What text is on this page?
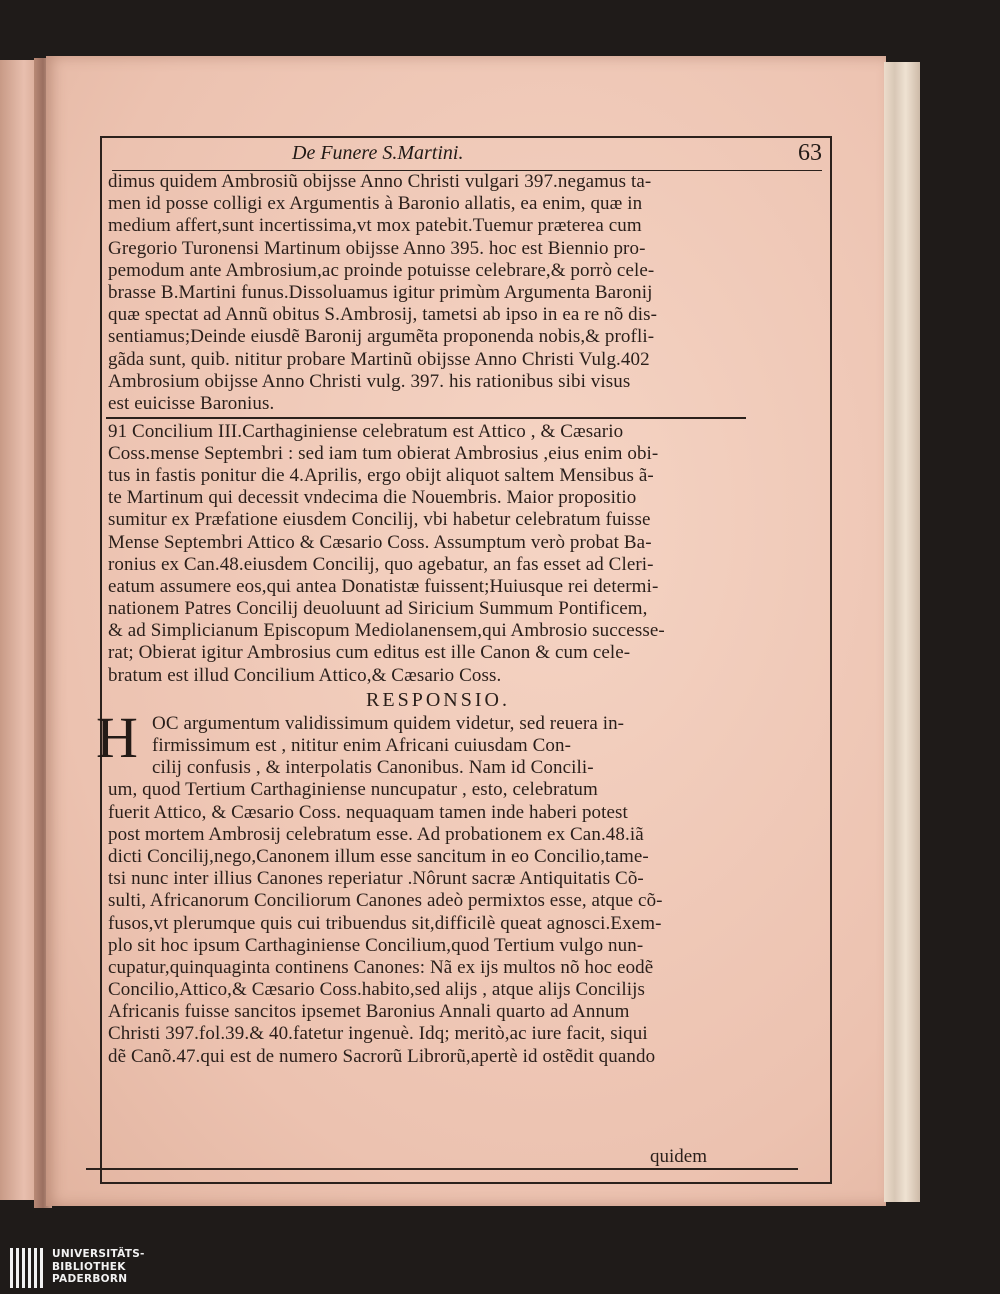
De Funere S.Martini.	63
dimus quidem Ambrosiũ obijsse Anno Christi vulgari 397.negamus ta-
men id posse colligi ex Argumentis à Baronio allatis, ea enim, quæ in
medium affert,sunt incertissima,vt mox patebit.Tuemur præterea cum
Gregorio Turonensi Martinum obijsse Anno 395. hoc est Biennio pro-
pemodum ante Ambrosium,ac proinde potuisse celebrare,& porrò cele-
brasse B.Martini funus.Dissoluamus igitur primùm Argumenta Baronij
quæ spectat ad Annũ obitus S.Ambrosij, tametsi ab ipso in ea re nõ dis-
sentiamus;Deinde eiusdẽ Baronij argumẽta proponenda nobis,& profli-
gãda sunt, quib. nititur probare Martinũ obijsse Anno Christi Vulg.402
Ambrosium obijsse Anno Christi vulg. 397. his rationibus sibi visus
est euicisse Baronius.
91 Concilium III.Carthaginiense celebratum est Attico , & Cæsario
Coss.mense Septembri : sed iam tum obierat Ambrosius ,eius enim obi-
tus in fastis ponitur die 4.Aprilis, ergo obijt aliquot saltem Mensibus ã-
te Martinum qui decessit vndecima die Nouembris. Maior propositio
sumitur ex Præfatione eiusdem Concilij, vbi habetur celebratum fuisse
Mense Septembri Attico & Cæsario Coss. Assumptum verò probat Ba-
ronius ex Can.48.eiusdem Concilij, quo agebatur, an fas esset ad Cleri-
eatum assumere eos,qui antea Donatistæ fuissent;Huiusque rei determi-
nationem Patres Concilij deuoluunt ad Siricium Summum Pontificem,
& ad Simplicianum Episcopum Mediolanensem,qui Ambrosio successe-
rat; Obierat igitur Ambrosius cum editus est ille Canon & cum cele-
bratum est illud Concilium Attico,& Cæsario Coss.
RESPONSIO.
H OC argumentum validissimum quidem videtur, sed reuera in-
firmissimum est , nititur enim Africani cuiusdam Con-
cilij confusis , & interpolatis Canonibus. Nam id Concili-
um, quod Tertium Carthaginiense nuncupatur , esto, celebratum
fuerit Attico, & Cæsario Coss. nequaquam tamen inde haberi potest
post mortem Ambrosij celebratum esse. Ad probationem ex Can.48.iã
dicti Concilij,nego,Canonem illum esse sancitum in eo Concilio,tame-
tsi nunc inter illius Canones reperiatur .Nôrunt sacræ Antiquitatis Cõ-
sulti, Africanorum Conciliorum Canones adeò permixtos esse, atque cõ-
fusos,vt plerumque quis cui tribuendus sit,difficilè queat agnosci.Exem-
plo sit hoc ipsum Carthaginiense Concilium,quod Tertium vulgo nun-
cupatur,quinquaginta continens Canones: Nã ex ijs multos nõ hoc eodẽ
Concilio,Attico,& Cæsario Coss.habito,sed alijs , atque alijs Concilijs
Africanis fuisse sancitos ipsemet Baronius Annali quarto ad Annum
Christi 397.fol.39.& 40.fatetur ingenuè. Idq; meritò,ac iure facit, siqui
dẽ Canõ.47.qui est de numero Sacrorũ Librorũ,apertè id ostẽdit quando
quidem
UNIVERSITÄTS-
BIBLIOTHEK
PADERBORN
